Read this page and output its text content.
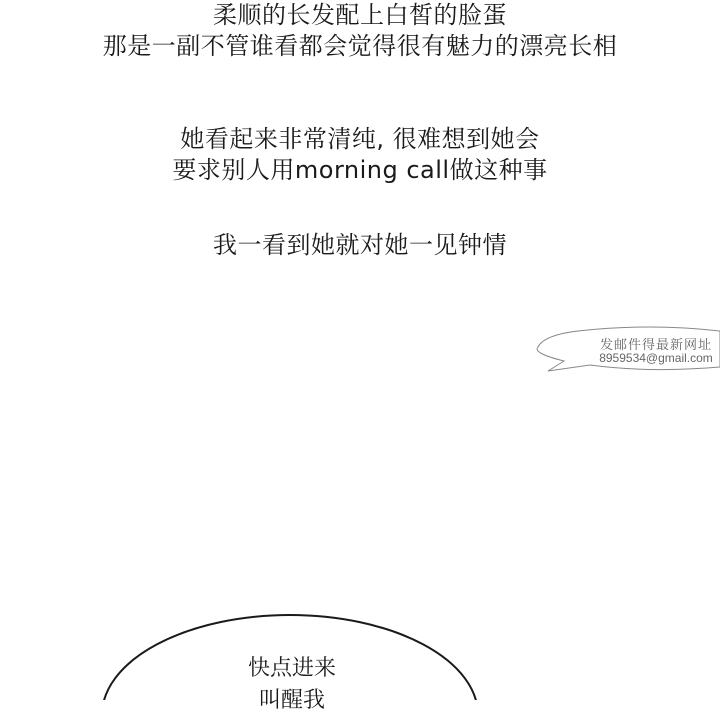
柔顺的长发配上白皙的脸蛋
那是一副不管谁看都会觉得很有魅力的漂亮长相
她看起来非常清纯, 很难想到她会
要求别人用morning call做这种事
我一看到她就对她一见钟情
发邮件得最新网址
8959534@gmail.com
快点进来
叫醒我
